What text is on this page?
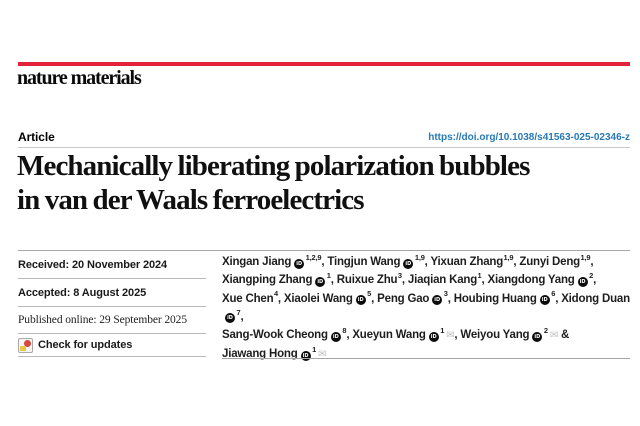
nature materials
Article	https://doi.org/10.1038/s41563-025-02346-z
Mechanically liberating polarization bubbles
in van der Waals ferroelectrics
Received: 20 November 2024
Accepted: 8 August 2025
Published online: 29 September 2025
Check for updates
Xingan Jiang iD$^{1,2,9}$, Tingjun Wang iD$^{1,9}$, Yixuan Zhang$^{1,9}$, Zunyi Deng$^{1,9}$,
Xiangping Zhang $iD^1$, Ruixue Zhu$^3$, Jiaqian Kang$^1$, Xiangdong Yang $iD^2$,
Xue Chen$^4$, Xiaolei Wang $iD^5$, Peng Gao $iD^3$, Houbing Huang $iD^6$, Xidong DuaniD$^7$,
Sang-Wook Cheong $iD^8$, Xueyun Wang $iD^1$ ✉, Weiyou Yang $iD^2$ ✉ &
Jiawang Hong $iD^1$ ✉
